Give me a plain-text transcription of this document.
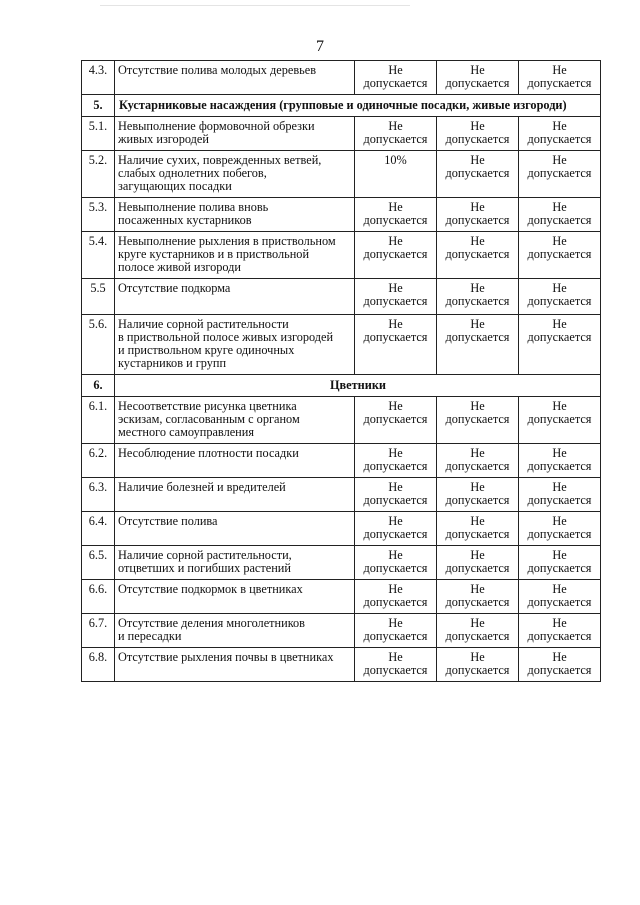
7
4.3.	Отсутствие полива молодых деревьев	Не
допускается	Не
допускается	Не
допускается

5.	Кустарниковые насаждения (групповые и одиночные посадки, живые изгороди)			
5.1.	Невыполнение формовочной обрезки
живых изгородей	Не
допускается	Не
допускается	Не
допускается

5.2.	Наличие сухих, поврежденных ветвей,
слабых однолетних побегов,
загущающих посадки	10%	Не
допускается	Не
допускается

5.3.	Невыполнение полива вновь
посаженных кустарников	Не
допускается	Не
допускается	Не
допускается

5.4.	Невыполнение рыхления в приствольном
круге кустарников и в приствольной
полосе живой изгороди	Не
допускается	Не
допускается	Не
допускается

5.5	Отсутствие подкорма	Не
допускается	Не
допускается	Не
допускается

5.6.	Наличие сорной растительности
в приствольной полосе живых изгородей
и приствольном круге одиночных
кустарников и групп	Не
допускается	Не
допускается	Не
допускается

6.	Цветники			
6.1.	Несоответствие рисунка цветника
эскизам, согласованным с органом
местного самоуправления	Не
допускается	Не
допускается	Не
допускается

6.2.	Несоблюдение плотности посадки	Не
допускается	Не
допускается	Не
допускается

6.3.	Наличие болезней и вредителей	Не
допускается	Не
допускается	Не
допускается

6.4.	Отсутствие полива	Не
допускается	Не
допускается	Не
допускается

6.5.	Наличие сорной растительности,
отцветших и погибших растений	Не
допускается	Не
допускается	Не
допускается

6.6.	Отсутствие подкормок в цветниках	Не
допускается	Не
допускается	Не
допускается

6.7.	Отсутствие деления многолетников
и пересадки	Не
допускается	Не
допускается	Не
допускается

6.8.	Отсутствие рыхления почвы в цветниках	Не
допускается	Не
допускается	Не
допускается
